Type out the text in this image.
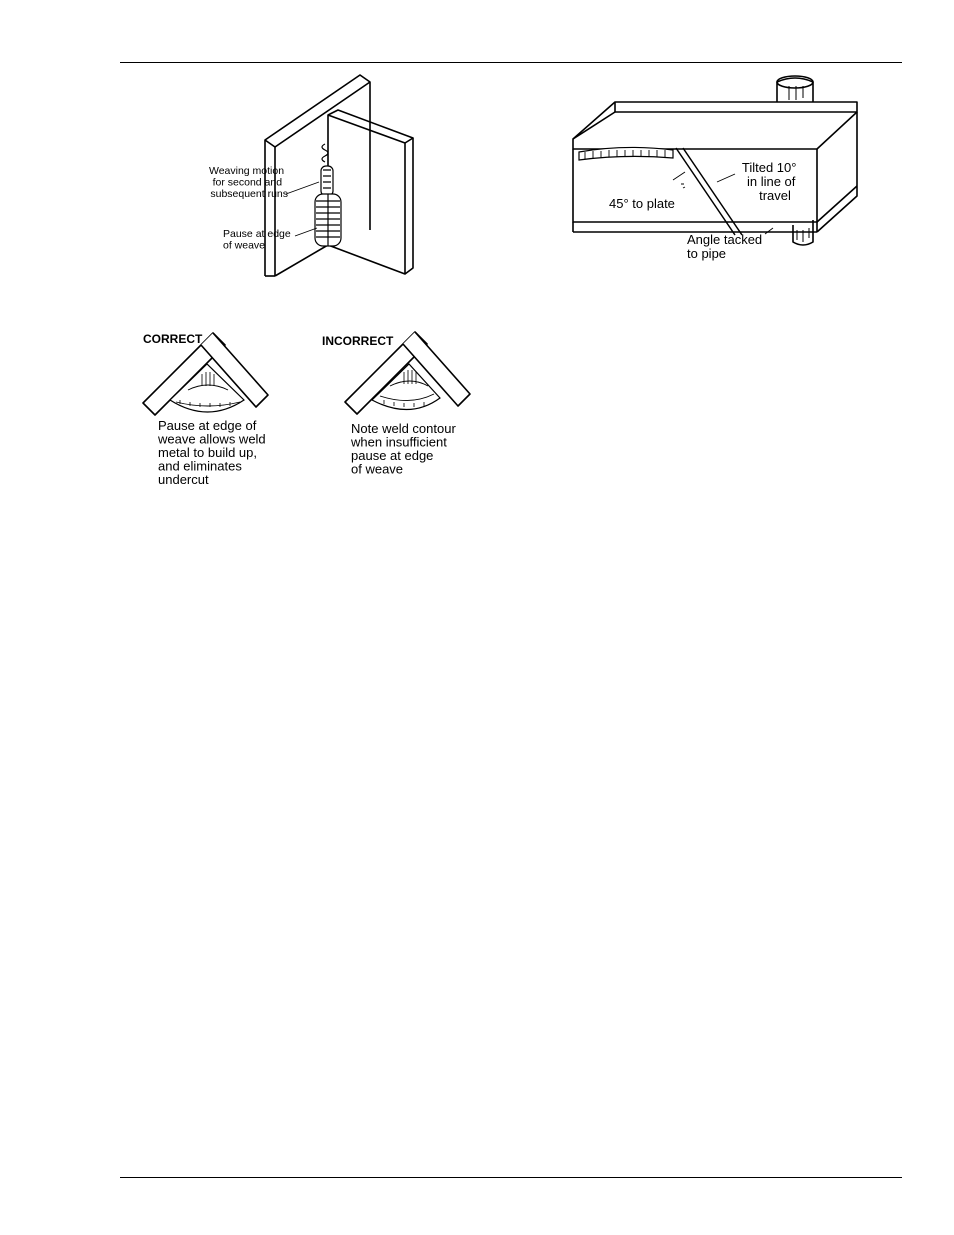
Weaving motion for second and subsequent runs
Pause at edge of weave
Tilted 10° in line of travel
45° to plate
Angle tacked to pipe
CORRECT
Pause at edge of weave allows weld metal to build up, and eliminates undercut
INCORRECT
Note weld contour when insufficient pause at edge of weave
